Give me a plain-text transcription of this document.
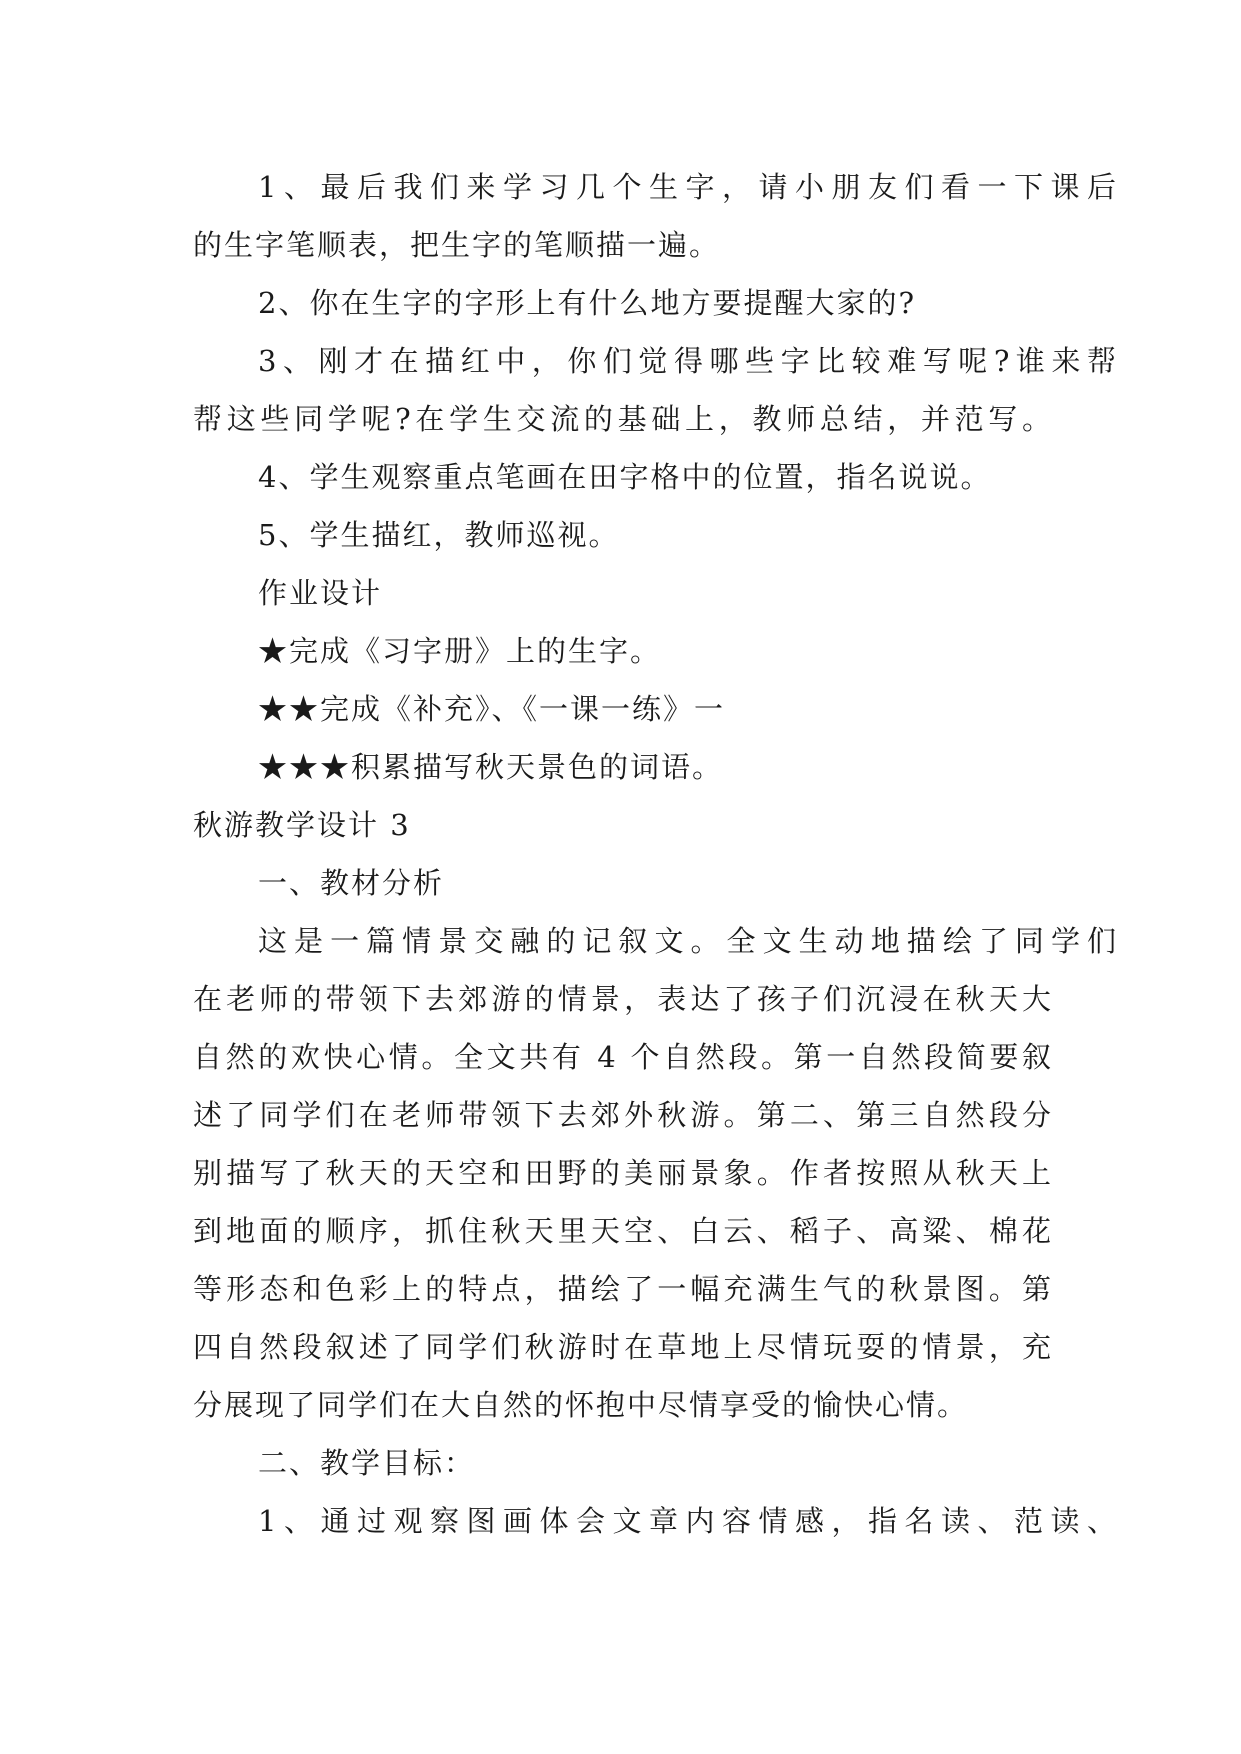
1、最后我们来学习几个生字，请小朋友们看一下课后
的生字笔顺表，把生字的笔顺描一遍。
2、你在生字的字形上有什么地方要提醒大家的?
3、刚才在描红中，你们觉得哪些字比较难写呢?谁来帮
帮这些同学呢?在学生交流的基础上，教师总结，并范写。
4、学生观察重点笔画在田字格中的位置，指名说说。
5、学生描红，教师巡视。
作业设计
★完成《习字册》上的生字。
★★完成《补充》、《一课一练》一
★★★积累描写秋天景色的词语。
秋游教学设计 3
一、教材分析
这是一篇情景交融的记叙文。全文生动地描绘了同学们
在老师的带领下去郊游的情景，表达了孩子们沉浸在秋天大
自然的欢快心情。全文共有 4 个自然段。第一自然段简要叙
述了同学们在老师带领下去郊外秋游。第二、第三自然段分
别描写了秋天的天空和田野的美丽景象。作者按照从秋天上
到地面的顺序，抓住秋天里天空、白云、稻子、高粱、棉花
等形态和色彩上的特点，描绘了一幅充满生气的秋景图。第
四自然段叙述了同学们秋游时在草地上尽情玩耍的情景，充
分展现了同学们在大自然的怀抱中尽情享受的愉快心情。
二、教学目标：
1、通过观察图画体会文章内容情感，指名读、范读、
